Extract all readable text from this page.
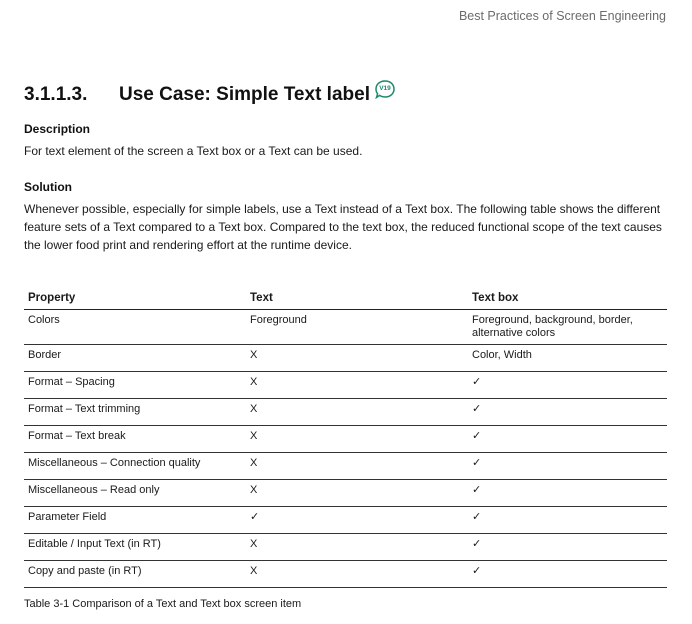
Best Practices of Screen Engineering
3.1.1.3.	Use Case: Simple Text label	V19
Description
For text element of the screen a Text box or a Text can be used.
Solution
Whenever possible, especially for simple labels, use a Text instead of a Text box. The following table shows the different feature sets of a Text compared to a Text box. Compared to the text box, the reduced functional scope of the text causes the lower food print and rendering effort at the runtime device.
Property	Text	Text box
Colors	Foreground	Foreground, background, border, alternative colors
Border	X	Color, Width
Format – Spacing	X	✓
Format – Text trimming	X	✓
Format – Text break	X	✓
Miscellaneous – Connection quality	X	✓
Miscellaneous – Read only	X	✓
Parameter Field	✓	✓
Editable / Input Text (in RT)	X	✓
Copy and paste (in RT)	X	✓
Table 3-1 Comparison of a Text and Text box screen item
